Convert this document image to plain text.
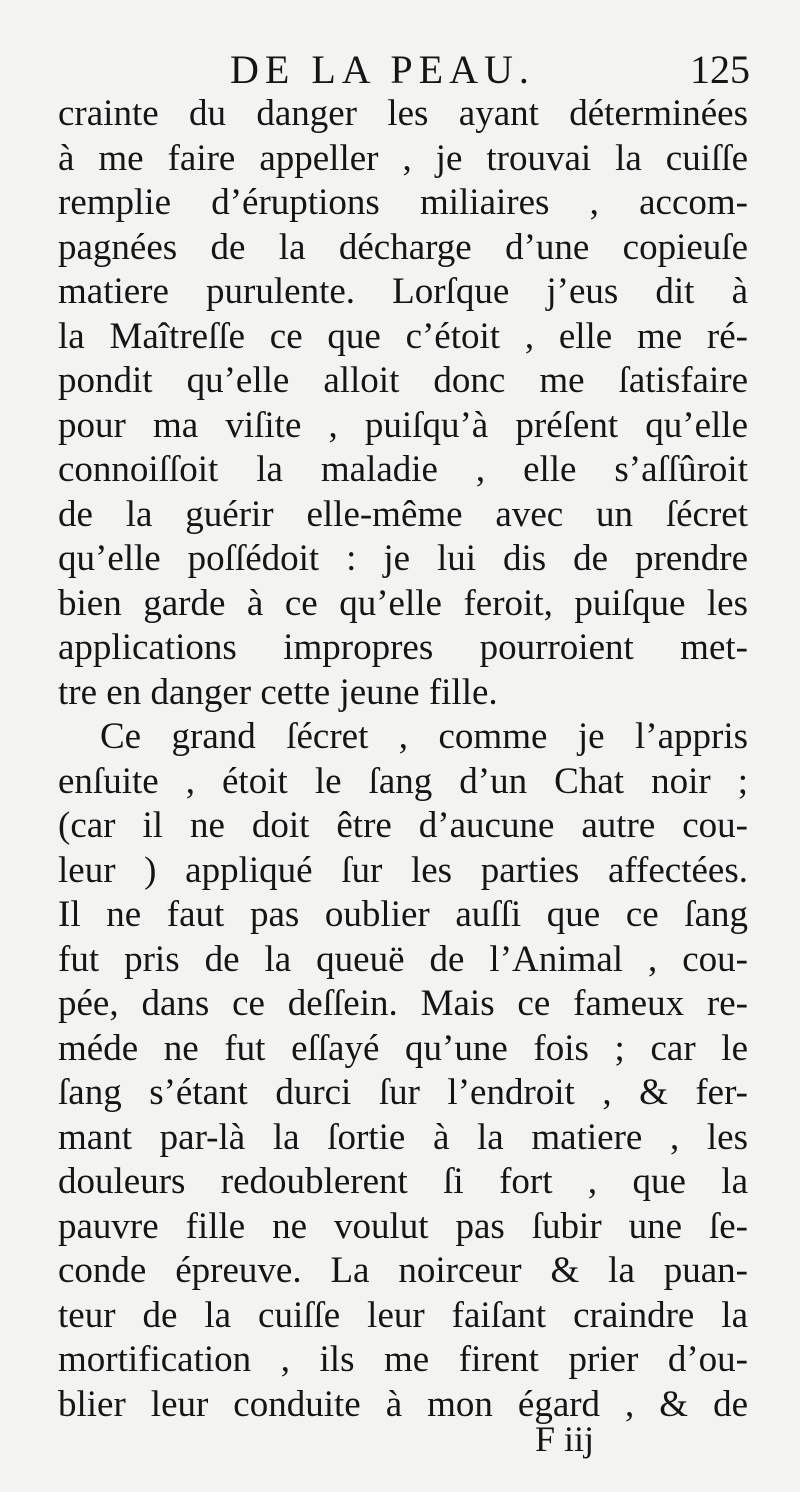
DE LA PEAU.	125
crainte du danger les ayant déterminées
à me faire appeller , je trouvai la cuiſſe
remplie d’éruptions miliaires , accom-
pagnées de la décharge d’une copieuſe
matiere purulente. Lorſque j’eus dit à
la Maîtreſſe ce que c’étoit , elle me ré-
pondit qu’elle alloit donc me ſatisfaire
pour ma viſite , puiſqu’à préſent qu’elle
connoiſſoit la maladie , elle s’aſſûroit
de la guérir elle-même avec un ſécret
qu’elle poſſédoit : je lui dis de prendre
bien garde à ce qu’elle feroit, puiſque les
applications impropres pourroient met-
tre en danger cette jeune fille.
Ce grand ſécret , comme je l’appris
enſuite , étoit le ſang d’un Chat noir ;
(car il ne doit être d’aucune autre cou-
leur ) appliqué ſur les parties affectées.
Il ne faut pas oublier auſſi que ce ſang
fut pris de la queuë de l’Animal , cou-
pée, dans ce deſſein. Mais ce fameux re-
méde ne fut eſſayé qu’une fois ; car le
ſang s’étant durci ſur l’endroit , & fer-
mant par-là la ſortie à la matiere , les
douleurs redoublerent ſi fort , que la
pauvre fille ne voulut pas ſubir une ſe-
conde épreuve. La noirceur & la puan-
teur de la cuiſſe leur faiſant craindre la
mortification , ils me firent prier d’ou-
blier leur conduite à mon égard , & de
F iij
